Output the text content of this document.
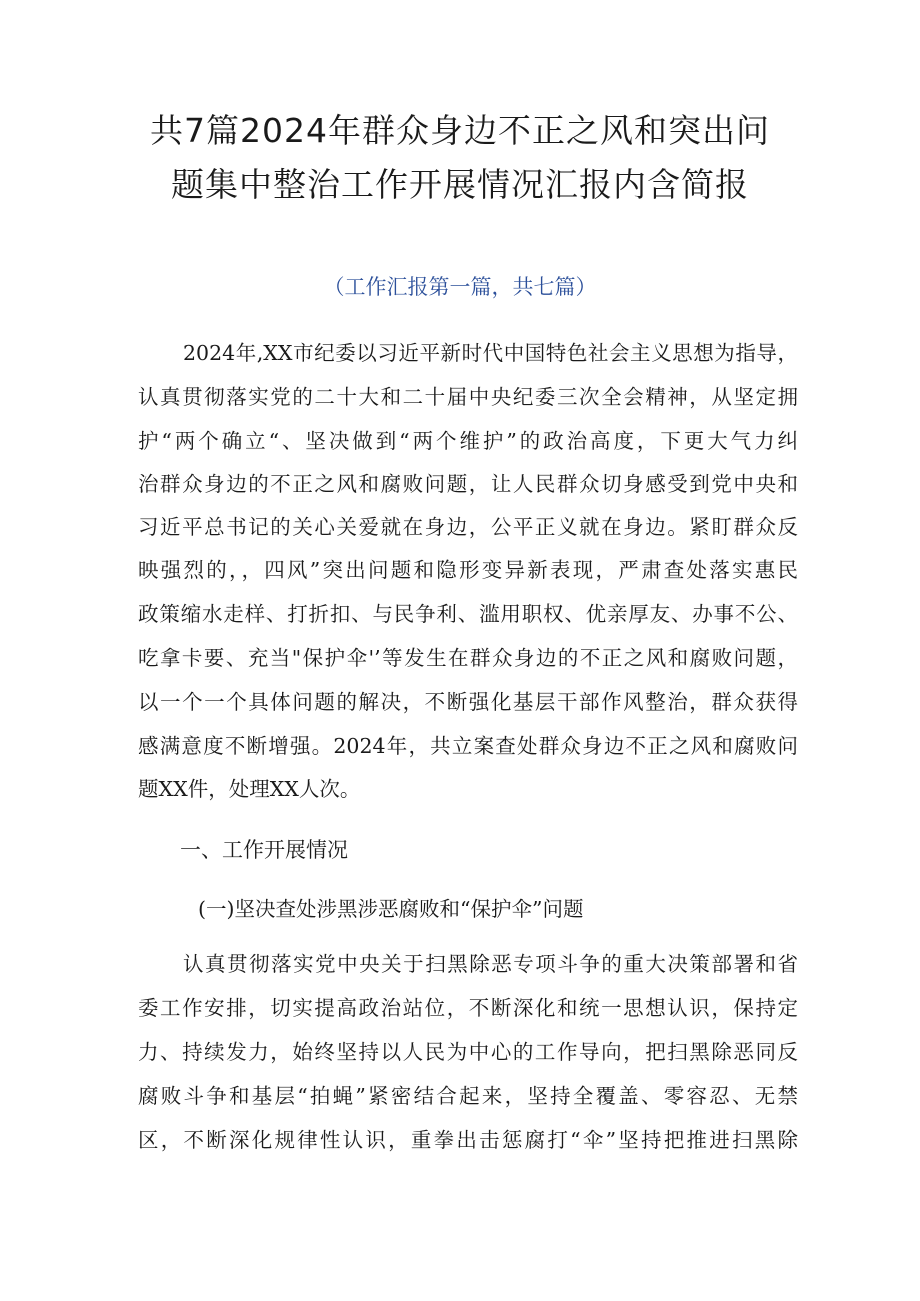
共7篇2024年群众身边不正之风和突出问
题集中整治工作开展情况汇报内含简报
（工作汇报第一篇，共七篇）
2024年,XX市纪委以习近平新时代中国特色社会主义思想为指导，
认真贯彻落实党的二十大和二十届中央纪委三次全会精神，从坚定拥
护“两个确立“、坚决做到“两个维护”的政治高度，下更大气力纠
治群众身边的不正之风和腐败问题，让人民群众切身感受到党中央和
习近平总书记的关心关爱就在身边，公平正义就在身边。紧盯群众反
映强烈的，，四风”突出问题和隐形变异新表现，严肃查处落实惠民
政策缩水走样、打折扣、与民争利、滥用职权、优亲厚友、办事不公、
吃拿卡要、充当"保护伞'’等发生在群众身边的不正之风和腐败问题，
以一个一个具体问题的解决，不断强化基层干部作风整治，群众获得
感满意度不断增强。2024年，共立案查处群众身边不正之风和腐败问
题XX件，处理XX人次。
一、工作开展情况
(一)坚决查处涉黑涉恶腐败和“保护伞”问题
认真贯彻落实党中央关于扫黑除恶专项斗争的重大决策部署和省
委工作安排，切实提高政治站位，不断深化和统一思想认识，保持定
力、持续发力，始终坚持以人民为中心的工作导向，把扫黑除恶同反
腐败斗争和基层“拍蝇”紧密结合起来，坚持全覆盖、零容忍、无禁
区，不断深化规律性认识，重拳出击惩腐打“伞”坚持把推进扫黑除
